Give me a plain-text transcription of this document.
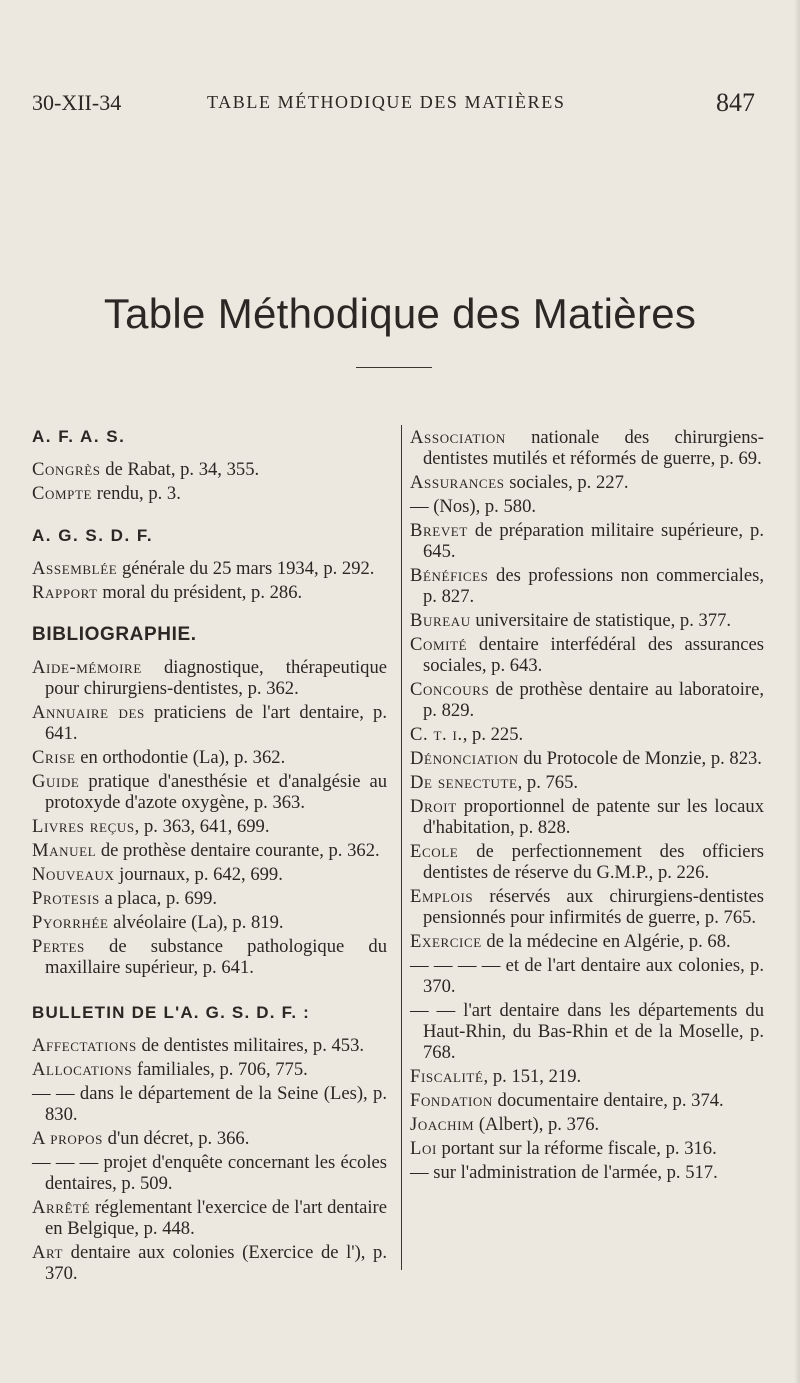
30-XII-34	TABLE MÉTHODIQUE DES MATIÈRES	847
Table Méthodique des Matières
A. F. A. S.
Congrès de Rabat, p. 34, 355.
Compte rendu, p. 3.
A. G. S. D. F.
Assemblée générale du 25 mars 1934, p. 292.
Rapport moral du président, p. 286.
BIBLIOGRAPHIE.
Aide-mémoire diagnostique, thérapeutique pour chirurgiens-dentistes, p. 362.
Annuaire des praticiens de l'art dentaire, p. 641.
Crise en orthodontie (La), p. 362.
Guide pratique d'anesthésie et d'analgésie au protoxyde d'azote oxygène, p. 363.
Livres reçus, p. 363, 641, 699.
Manuel de prothèse dentaire courante, p. 362.
Nouveaux journaux, p. 642, 699.
Protesis a placa, p. 699.
Pyorrhée alvéolaire (La), p. 819.
Pertes de substance pathologique du maxillaire supérieur, p. 641.
BULLETIN DE L'A. G. S. D. F. :
Affectations de dentistes militaires, p. 453.
Allocations familiales, p. 706, 775.
— — dans le département de la Seine (Les), p. 830.
A propos d'un décret, p. 366.
— — — projet d'enquête concernant les écoles dentaires, p. 509.
Arrêté réglementant l'exercice de l'art dentaire en Belgique, p. 448.
Art dentaire aux colonies (Exercice de l'), p. 370.
Association nationale des chirurgiens-dentistes mutilés et réformés de guerre, p. 69.
Assurances sociales, p. 227.
— (Nos), p. 580.
Brevet de préparation militaire supérieure, p. 645.
Bénéfices des professions non commerciales, p. 827.
Bureau universitaire de statistique, p. 377.
Comité dentaire interfédéral des assurances sociales, p. 643.
Concours de prothèse dentaire au laboratoire, p. 829.
C. t. i., p. 225.
Dénonciation du Protocole de Monzie, p. 823.
De senectute, p. 765.
Droit proportionnel de patente sur les locaux d'habitation, p. 828.
Ecole de perfectionnement des officiers dentistes de réserve du G.M.P., p. 226.
Emplois réservés aux chirurgiens-dentistes pensionnés pour infirmités de guerre, p. 765.
Exercice de la médecine en Algérie, p. 68.
— — — — et de l'art dentaire aux colonies, p. 370.
— — l'art dentaire dans les départements du Haut-Rhin, du Bas-Rhin et de la Moselle, p. 768.
Fiscalité, p. 151, 219.
Fondation documentaire dentaire, p. 374.
Joachim (Albert), p. 376.
Loi portant sur la réforme fiscale, p. 316.
— sur l'administration de l'armée, p. 517.
